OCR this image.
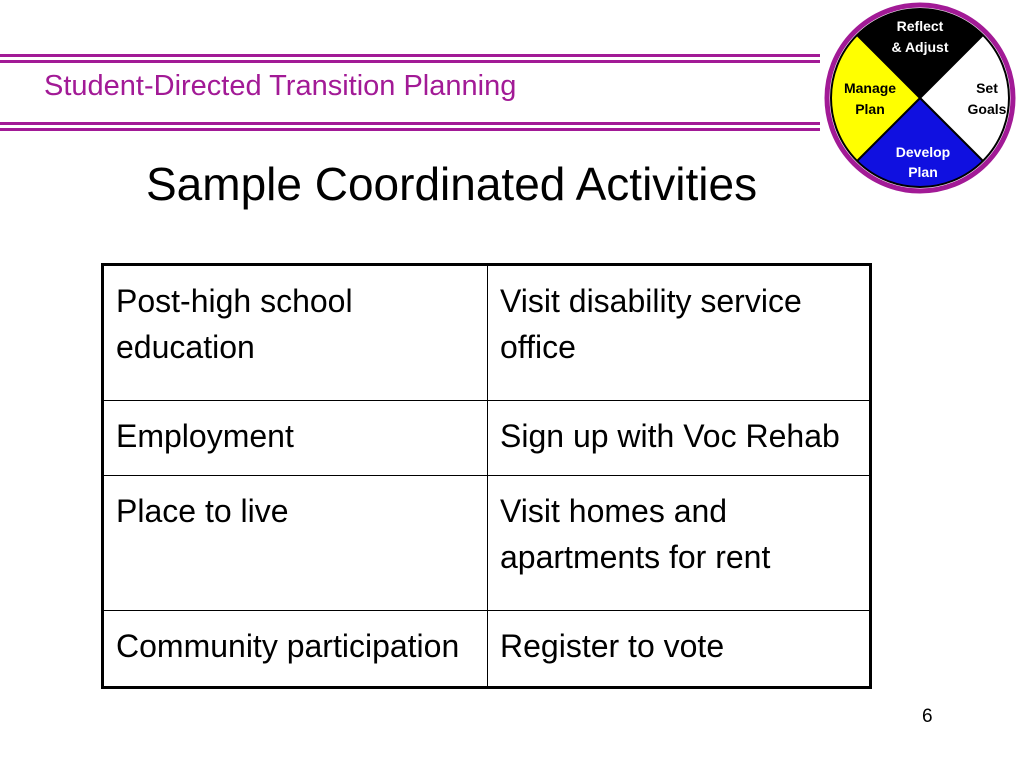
Student-Directed Transition Planning
Reflect
& Adjust
Set
Goals
Develop
Plan
Manage
Plan
Sample Coordinated Activities
Post-high school education	Visit disability service office
Employment	Sign up with Voc Rehab
Place to live	Visit homes and apartments for rent
Community participation	Register to vote
6
